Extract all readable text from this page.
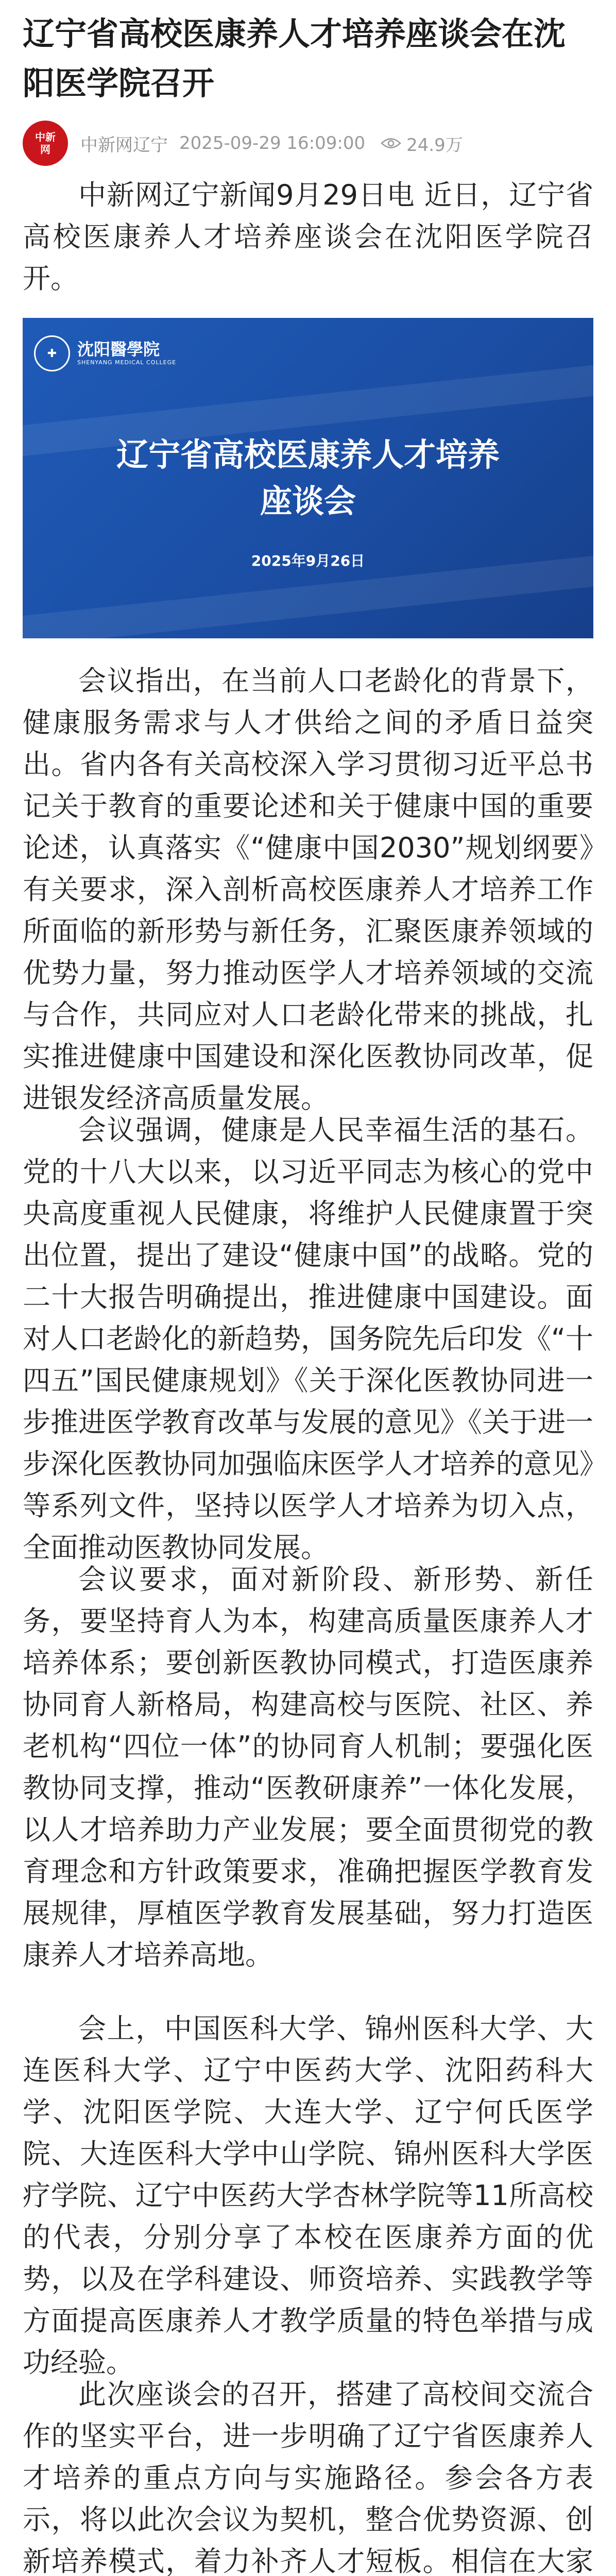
辽宁省高校医康养人才培养座谈会在沈阳医学院召开
中新
网 中新网辽宁 2025-09-29 16:09:00 24.9万

中新网辽宁新闻9月29日电 近日，辽宁省高校医康养人才培养座谈会在沈阳医学院召开。

✚	沈阳醫學院
SHENYANG MEDICAL COLLEGE
辽宁省高校医康养人才培养
座谈会
2025年9月26日

会议指出，在当前人口老龄化的背景下，健康服务需求与人才供给之间的矛盾日益突出。省内各有关高校深入学习贯彻习近平总书记关于教育的重要论述和关于健康中国的重要论述，认真落实《“健康中国2030”规划纲要》有关要求，深入剖析高校医康养人才培养工作所面临的新形势与新任务，汇聚医康养领域的优势力量，努力推动医学人才培养领域的交流与合作，共同应对人口老龄化带来的挑战，扎实推进健康中国建设和深化医教协同改革，促进银发经济高质量发展。

会议强调，健康是人民幸福生活的基石。党的十八大以来，以习近平同志为核心的党中央高度重视人民健康，将维护人民健康置于突出位置，提出了建设“健康中国”的战略。党的二十大报告明确提出，推进健康中国建设。面对人口老龄化的新趋势，国务院先后印发《“十四五”国民健康规划》《关于深化医教协同进一步推进医学教育改革与发展的意见》《关于进一步深化医教协同加强临床医学人才培养的意见》等系列文件，坚持以医学人才培养为切入点，全面推动医教协同发展。

会议要求，面对新阶段、新形势、新任务，要坚持育人为本，构建高质量医康养人才培养体系；要创新医教协同模式，打造医康养协同育人新格局，构建高校与医院、社区、养老机构“四位一体”的协同育人机制；要强化医教协同支撑，推动“医教研康养”一体化发展，以人才培养助力产业发展；要全面贯彻党的教育理念和方针政策要求，准确把握医学教育发展规律，厚植医学教育发展基础，努力打造医康养人才培养高地。

会上，中国医科大学、锦州医科大学、大连医科大学、辽宁中医药大学、沈阳药科大学、沈阳医学院、大连大学、辽宁何氏医学院、大连医科大学中山学院、锦州医科大学医疗学院、辽宁中医药大学杏林学院等11所高校的代表，分别分享了本校在医康养方面的优势，以及在学科建设、师资培养、实践教学等方面提高医康养人才教学质量的特色举措与成功经验。

此次座谈会的召开，搭建了高校间交流合作的坚实平台，进一步明确了辽宁省医康养人才培养的重点方向与实施路径。参会各方表示，将以此次会议为契机，整合优势资源、创新培养模式，着力补齐人才短板。相信在大家
